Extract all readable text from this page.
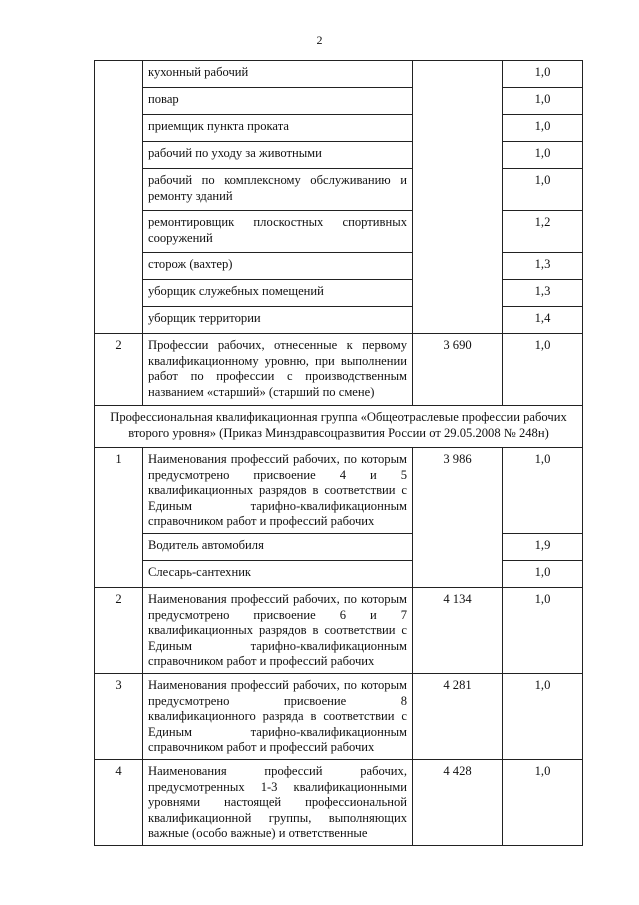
2
	кухонный рабочий		1,0
	повар		1,0
	приемщик пункта проката		1,0
	рабочий по уходу за животными		1,0
	рабочий по комплексному обслуживанию и ремонту зданий		1,0
	ремонтировщик плоскостных спортивных сооружений		1,2
	сторож (вахтер)		1,3
	уборщик служебных помещений		1,3
	уборщик территории		1,4
2	Профессии рабочих, отнесенные к первому квалификационному уровню, при выполнении работ по профессии с производственным названием «старший» (старший по смене)	3 690	1,0
Профессиональная квалификационная группа «Общеотраслевые профессии рабочих второго уровня» (Приказ Минздравсоцразвития России от 29.05.2008 № 248н)			
1	Наименования профессий рабочих, по которым предусмотрено присвоение 4 и 5 квалификационных разрядов в соответствии с Единым тарифно-квалификационным справочником работ и профессий рабочих	3 986	1,0
	Водитель автомобиля		1,9
	Слесарь-сантехник		1,0
2	Наименования профессий рабочих, по которым предусмотрено присвоение 6 и 7 квалификационных разрядов в соответствии с Единым тарифно-квалификационным справочником работ и профессий рабочих	4 134	1,0
3	Наименования профессий рабочих, по которым предусмотрено присвоение 8 квалификационного разряда в соответствии с Единым тарифно-квалификационным справочником работ и профессий рабочих	4 281	1,0
4	Наименования профессий рабочих, предусмотренных 1-3 квалификационными уровнями настоящей профессиональной квалификационной группы, выполняющих важные (особо важные) и ответственные	4 428	1,0
